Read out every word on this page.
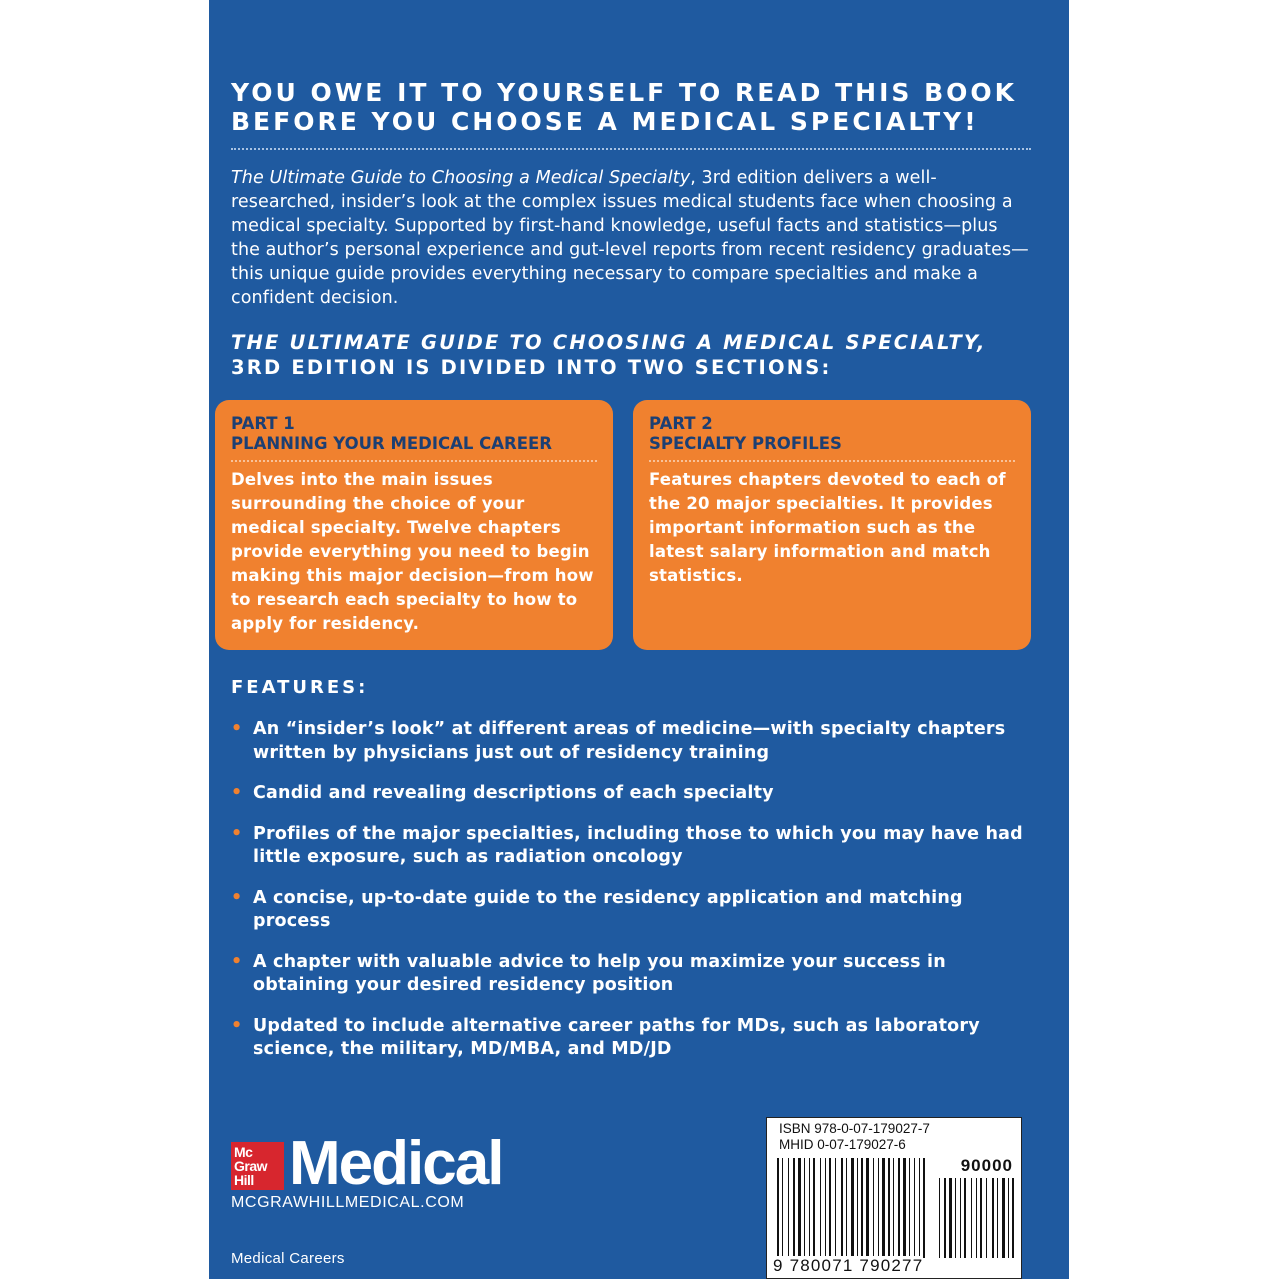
YOU OWE IT TO YOURSELF TO READ THIS BOOK
BEFORE YOU CHOOSE A MEDICAL SPECIALTY!
The Ultimate Guide to Choosing a Medical Specialty, 3rd edition delivers a well-researched, insider’s look at the complex issues medical students face when choosing a medical specialty. Supported by first-hand knowledge, useful facts and statistics—plus the author’s personal experience and gut-level reports from recent residency graduates—this unique guide provides everything necessary to compare specialties and make a confident decision.
THE ULTIMATE GUIDE TO CHOOSING A MEDICAL SPECIALTY,
3RD EDITION IS DIVIDED INTO TWO SECTIONS:
PART 1
PLANNING YOUR MEDICAL CAREER
Delves into the main issues surrounding the choice of your medical specialty. Twelve chapters provide everything you need to begin making this major decision—from how to research each specialty to how to apply for residency.
PART 2
SPECIALTY PROFILES
Features chapters devoted to each of the 20 major specialties. It provides important information such as the latest salary information and match statistics.
FEATURES:
• An “insider’s look” at different areas of medicine—with specialty chapters written by physicians just out of residency training
• Candid and revealing descriptions of each specialty
• Profiles of the major specialties, including those to which you may have had little exposure, such as radiation oncology
• A concise, up-to-date guide to the residency application and matching process
• A chapter with valuable advice to help you maximize your success in obtaining your desired residency position
• Updated to include alternative career paths for MDs, such as laboratory science, the military, MD/MBA, and MD/JD
Mc
Graw
Hill Medical
MCGRAWHILLMEDICAL.COM
Medical Careers
ISBN 978-0-07-179027-7
MHID 0-07-179027-6
90000
9 780071 790277
